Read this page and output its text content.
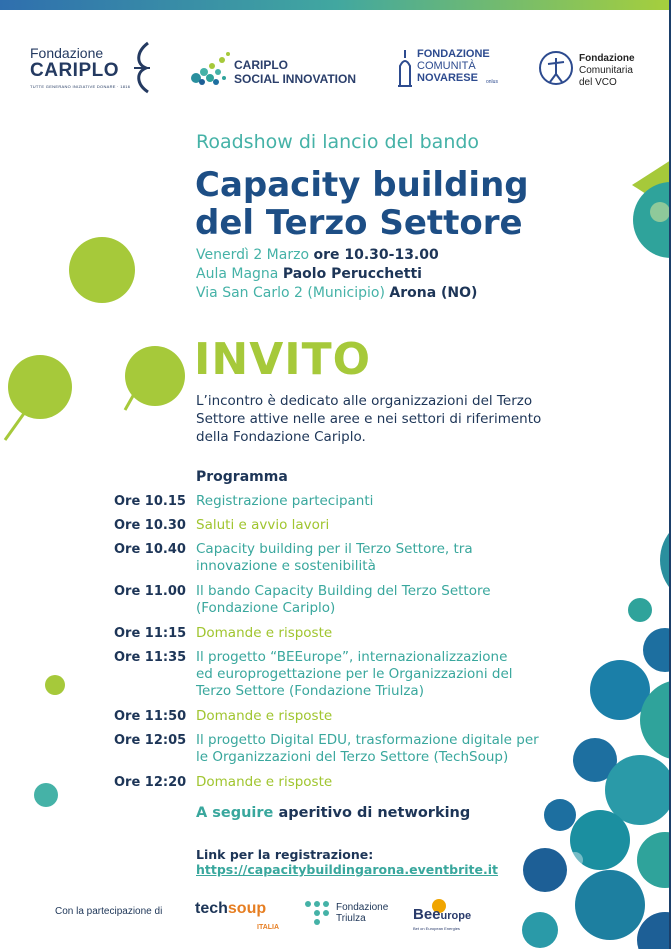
Fondazione
CARIPLO
TUTTE GENERANO INIZIATIVE DONARE · 1816
CARIPLO
SOCIAL INNOVATION
FONDAZIONE
COMUNITÀ
NOVARESE onlus
Fondazione
Comunitaria
del VCO
Roadshow di lancio del bando
Capacity building
del Terzo Settore
Venerdì 2 Marzo ore 10.30-13.00
Aula Magna Paolo Perucchetti
Via San Carlo 2 (Municipio) Arona (NO)
INVITO
L’incontro è dedicato alle organizzazioni del Terzo
Settore attive nelle aree e nei settori di riferimento
della Fondazione Cariplo.
Programma
Ore 10.15 Registrazione partecipanti
Ore 10.30 Saluti e avvio lavori
Ore 10.40 Capacity building per il Terzo Settore, tra
innovazione e sostenibilità
Ore 11.00 Il bando Capacity Building del Terzo Settore
(Fondazione Cariplo)
Ore 11:15 Domande e risposte
Ore 11:35 Il progetto “BEEurope”, internazionalizzazione
ed europrogettazione per le Organizzazioni del
Terzo Settore (Fondazione Triulza)
Ore 11:50 Domande e risposte
Ore 12:05 Il progetto Digital EDU, trasformazione digitale per
le Organizzazioni del Terzo Settore (TechSoup)
Ore 12:20 Domande e risposte
A seguire aperitivo di networking
Link per la registrazione:
https://capacitybuildingarona.eventbrite.it
Con la partecipazione di techsoup
ITALIA
Fondazione
Triulza	Beeurope
Bet on European Energies
